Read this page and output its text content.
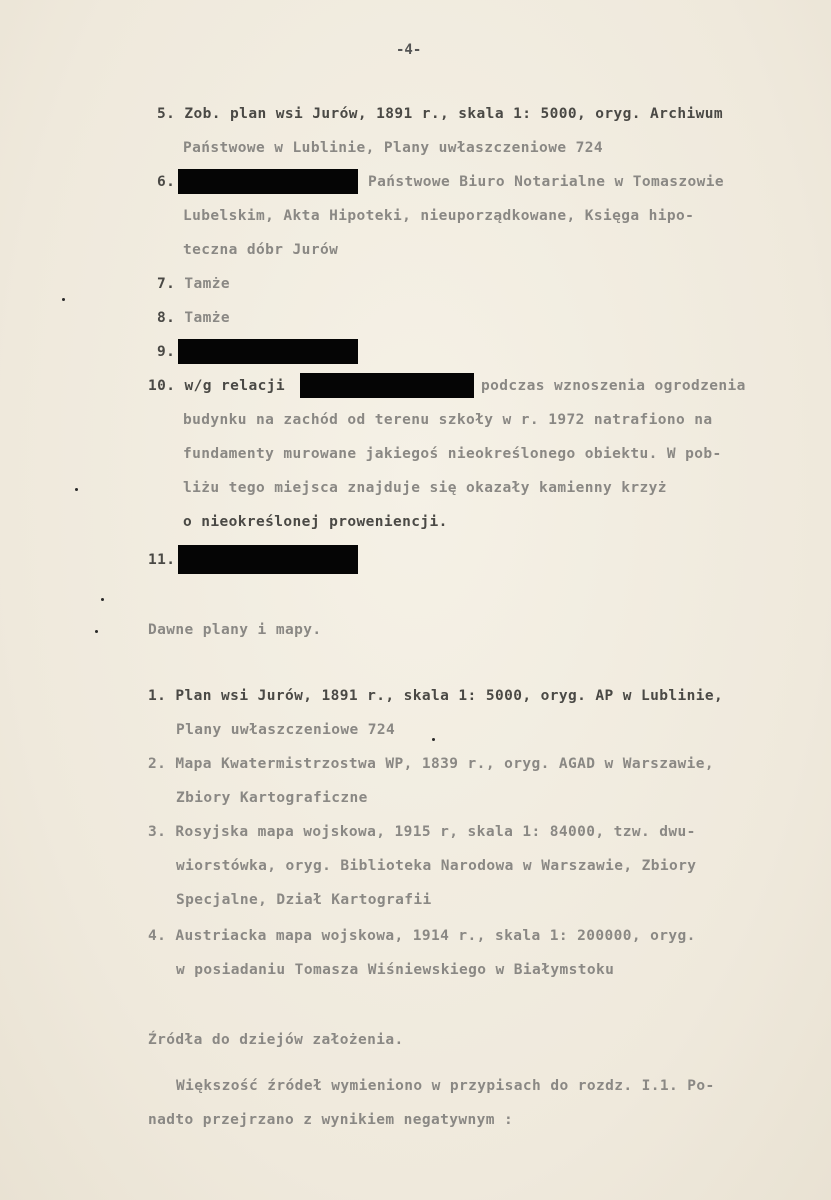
-4-
5. Zob. plan wsi Jurów, 1891 r., skala 1: 5000, oryg. Archiwum
Państwowe w Lublinie, Plany uwłaszczeniowe 724
6.	Państwowe Biuro Notarialne w Tomaszowie
Lubelskim, Akta Hipoteki, nieuporządkowane, Księga hipo-
teczna dóbr Jurów
7. Tamże
8. Tamże
9.
10. w/g relacji	podczas wznoszenia ogrodzenia
budynku na zachód od terenu szkoły w r. 1972 natrafiono na
fundamenty murowane jakiegoś nieokreślonego obiektu. W pob-
liżu tego miejsca znajduje się okazały kamienny krzyż
o nieokreślonej proweniencji.
11.
Dawne plany i mapy.
1. Plan wsi Jurów, 1891 r., skala 1: 5000, oryg. AP w Lublinie,
Plany uwłaszczeniowe 724
2. Mapa Kwatermistrzostwa WP, 1839 r., oryg. AGAD w Warszawie,
Zbiory Kartograficzne
3. Rosyjska mapa wojskowa, 1915 r, skala 1: 84000, tzw. dwu-
wiorstówka, oryg. Biblioteka Narodowa w Warszawie, Zbiory
Specjalne, Dział Kartografii
4. Austriacka mapa wojskowa, 1914 r., skala 1: 200000, oryg.
w posiadaniu Tomasza Wiśniewskiego w Białymstoku
Źródła do dziejów założenia.
Większość źródeł wymieniono w przypisach do rozdz. I.1. Po-
nadto przejrzano z wynikiem negatywnym :
